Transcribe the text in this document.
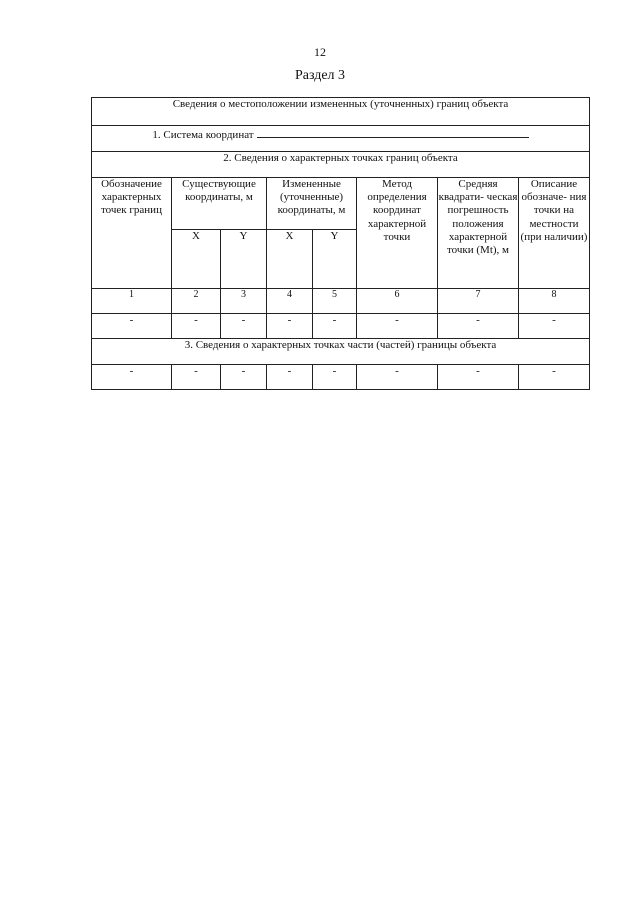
12
Раздел 3
Сведения о местоположении измененных (уточненных) границ объекта							
1. Система координат							
2. Сведения о характерных точках границ объекта							
Обозначение характерных точек границ	Существующие координаты, м		Измененные (уточненные) координаты, м		Метод определения координат характерной точки	Средняя квадрати- ческая погрешность положения характерной точки (Mt), м	Описание обозначе- ния точки на местности (при наличии)
	X	Y	X	Y			
1	2	3	4	5	6	7	8
-	-	-	-	-	-	-	-
3. Сведения о характерных точках части (частей) границы объекта							
-	-	-	-	-	-	-	-
